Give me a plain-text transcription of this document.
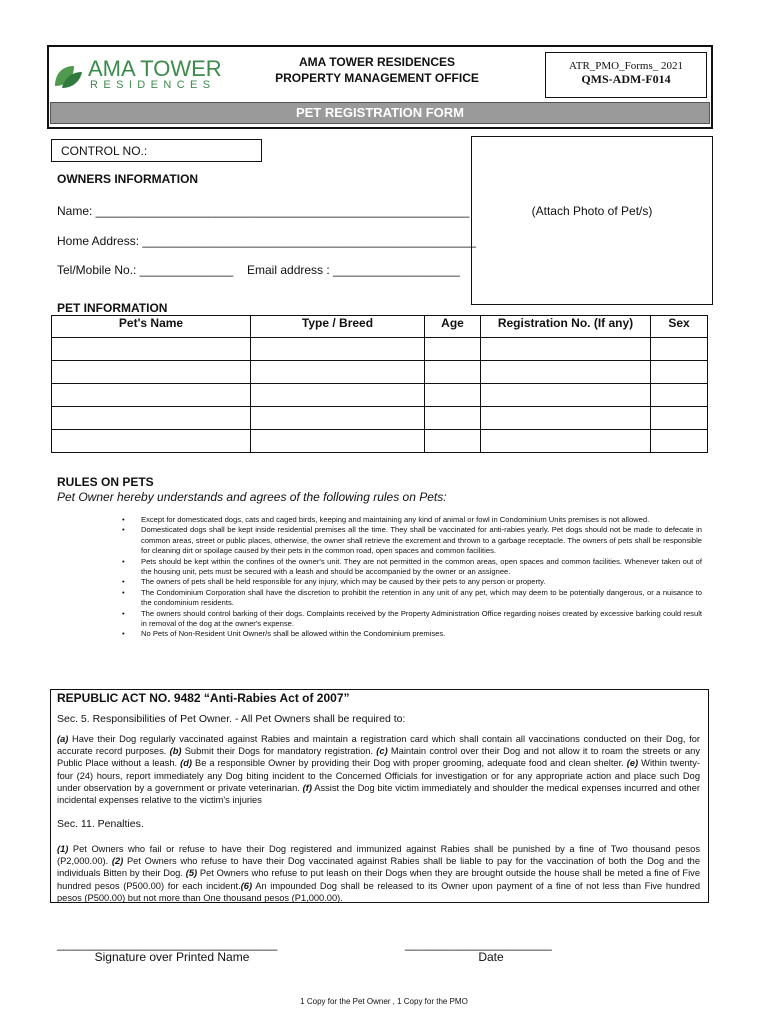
AMA TOWER
RESIDENCES
AMA TOWER RESIDENCES
PROPERTY MANAGEMENT OFFICE
ATR_PMO_Forms_ 2021
QMS-ADM-F014
PET REGISTRATION FORM
CONTROL NO.:
(Attach Photo of Pet/s)
OWNERS INFORMATION
Name: ________________________________________________________
Home Address: __________________________________________________
Tel/Mobile No.: ______________ Email address : ___________________
PET INFORMATION
Pet's Name	Type / Breed	Age	Registration No. (If any)	Sex

RULES ON PETS
Pet Owner hereby understands and agrees of the following rules on Pets:
• Except for domesticated dogs, cats and caged birds, keeping and maintaining any kind of animal or fowl in Condominium Units premises is not allowed.
• Domesticated dogs shall be kept inside residential premises all the time. They shall be vaccinated for anti-rabies yearly. Pet dogs should not be made to defecate in common areas, street or public places, otherwise, the owner shall retrieve the excrement and thrown to a garbage receptacle. The owners of pets shall be responsible for cleaning dirt or spoilage caused by their pets in the common road, open spaces and common facilities.
• Pets should be kept within the confines of the owner's unit. They are not permitted in the common areas, open spaces and common facilities. Whenever taken out of the housing unit, pets must be secured with a leash and should be accompanied by the owner or an assignee.
• The owners of pets shall be held responsible for any injury, which may be caused by their pets to any person or property.
• The Condominium Corporation shall have the discretion to prohibit the retention in any unit of any pet, which may deem to be potentially dangerous, or a nuisance to the condominium residents.
• The owners should control barking of their dogs. Complaints received by the Property Administration Office regarding noises created by excessive barking could result in removal of the dog at the owner's expense.
• No Pets of Non-Resident Unit Owner/s shall be allowed within the Condominium premises.
REPUBLIC ACT NO. 9482 “Anti-Rabies Act of 2007”
Sec. 5. Responsibilities of Pet Owner. - All Pet Owners shall be required to:
(a) Have their Dog regularly vaccinated against Rabies and maintain a registration card which shall contain all vaccinations conducted on their Dog, for accurate record purposes. (b) Submit their Dogs for mandatory registration. (c) Maintain control over their Dog and not allow it to roam the streets or any Public Place without a leash. (d) Be a responsible Owner by providing their Dog with proper grooming, adequate food and clean shelter. (e) Within twenty-four (24) hours, report immediately any Dog biting incident to the Concerned Officials for investigation or for any appropriate action and place such Dog under observation by a government or private veterinarian. (f) Assist the Dog bite victim immediately and shoulder the medical expenses incurred and other incidental expenses relative to the victim's injuries
Sec. 11. Penalties.
(1) Pet Owners who fail or refuse to have their Dog registered and immunized against Rabies shall be punished by a fine of Two thousand pesos (P2,000.00). (2) Pet Owners who refuse to have their Dog vaccinated against Rabies shall be liable to pay for the vaccination of both the Dog and the individuals Bitten by their Dog. (5) Pet Owners who refuse to put leash on their Dogs when they are brought outside the house shall be meted a fine of Five hundred pesos (P500.00) for each incident.(6) An impounded Dog shall be released to its Owner upon payment of a fine of not less than Five hundred pesos (P500.00) but not more than One thousand pesos (P1,000.00).
_________________________________
Signature over Printed Name
______________________
Date
1 Copy for the Pet Owner , 1 Copy for the PMO
